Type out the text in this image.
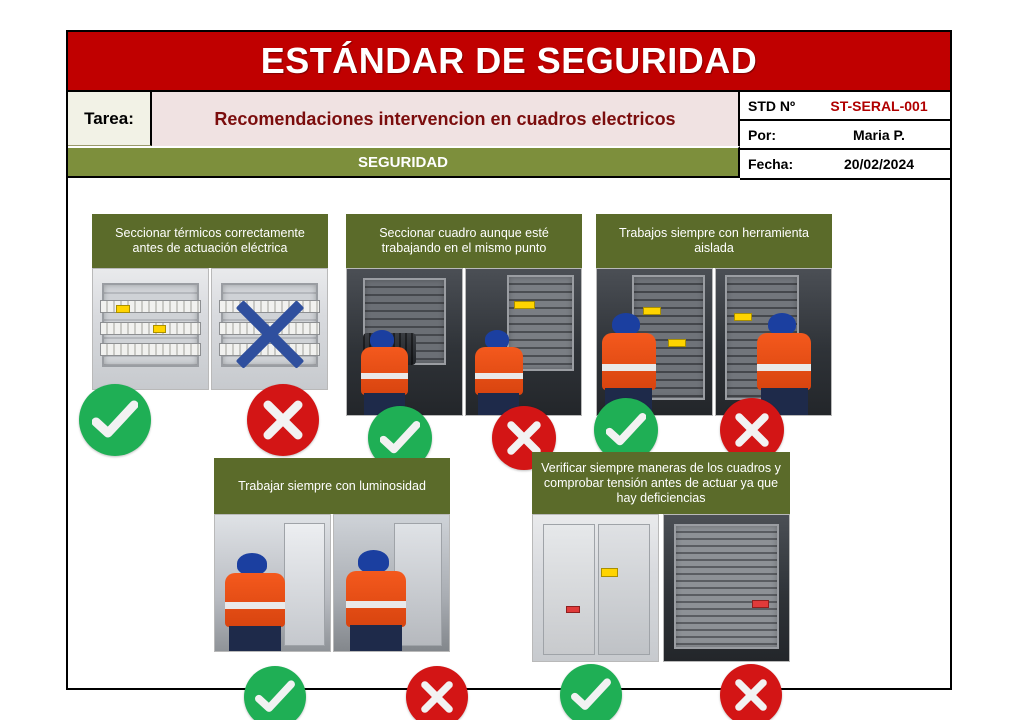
ESTÁNDAR DE SEGURIDAD
Tarea:	Recomendaciones intervencion en cuadros electricos
SEGURIDAD
STD Nº	ST-SERAL-001
Por:	Maria P.
Fecha:	20/02/2024
Seccionar térmicos correctamente antes de actuación eléctrica
Seccionar cuadro aunque esté trabajando en el mismo punto
Trabajos siempre con herramienta aislada
Trabajar siempre con luminosidad
Verificar siempre maneras de los cuadros y comprobar tensión antes de actuar ya que hay deficiencias
